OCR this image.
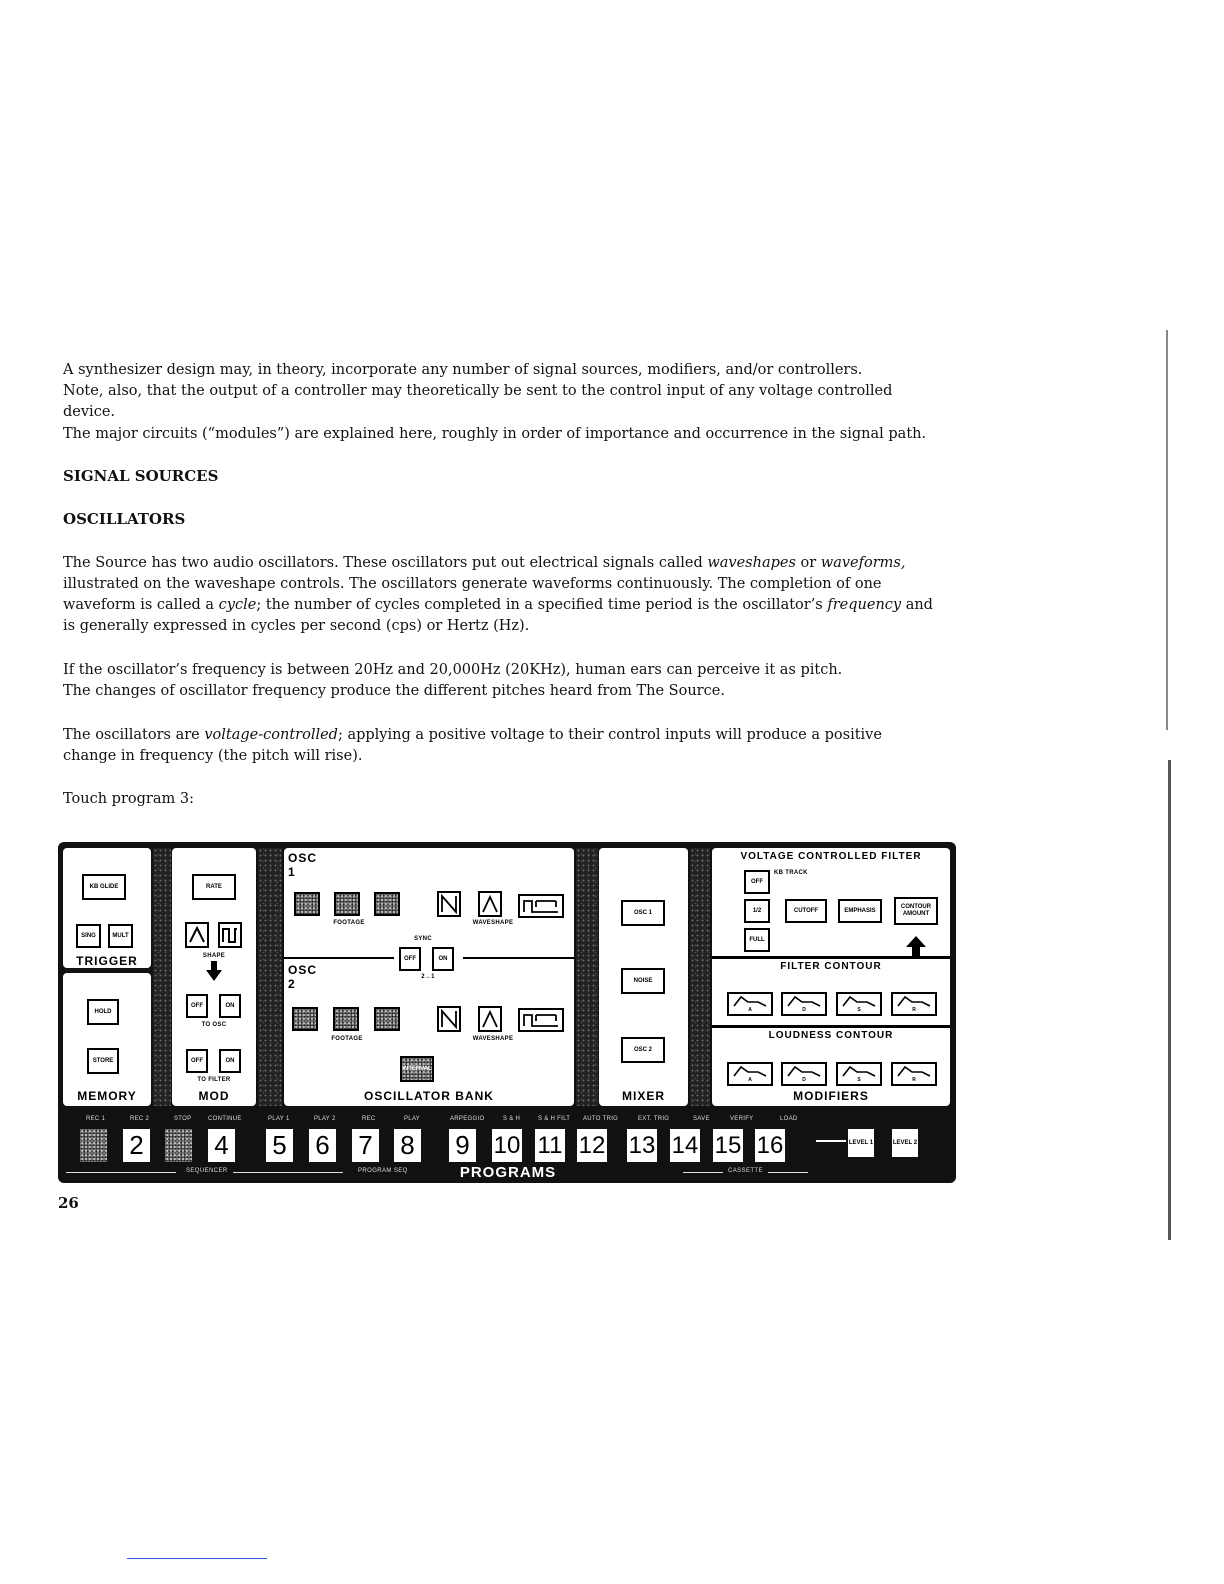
A synthesizer design may, in theory, incorporate any number of signal sources, modifiers, and/or controllers.

Note, also, that the output of a controller may theoretically be sent to the control input of any voltage controlled device.

The major circuits (“modules”) are explained here, roughly in order of importance and occurrence in the signal path.

SIGNAL SOURCES
OSCILLATORS

The Source has two audio oscillators. These oscillators put out electrical signals called waveshapes or waveforms, illustrated on the waveshape controls. The oscillators generate waveforms continuously. The completion of one waveform is called a cycle; the number of cycles completed in a specified time period is the oscillator’s frequency and is generally expressed in cycles per second (cps) or Hertz (Hz).

If the oscillator’s frequency is between 20Hz and 20,000Hz (20KHz), human ears can perceive it as pitch.

The changes of oscillator frequency produce the different pitches heard from The Source.

The oscillators are voltage-controlled; applying a positive voltage to their control inputs will produce a positive change in frequency (the pitch will rise).

Touch program 3:
KB GLIDE
SING	MULT
TRIGGER
HOLD
STORE
MEMORY
RATE
SHAPE
OFF	ON
TO OSC
OFF	ON
TO FILTER
MOD
OSC 1
FOOTAGE	WAVESHAPE
SYNC
OFF	ON
2→1
OSC 2
FOOTAGE	WAVESHAPE
INTERVAL
OSCILLATOR BANK
OSC 1
NOISE
OSC 2
MIXER
VOLTAGE CONTROLLED FILTER
OFF
KB TRACK
1/2
FULL
CUTOFF	EMPHASIS
CONTOUR AMOUNT
FILTER CONTOUR
LOUDNESS CONTOUR
A	D	S	R
A	D	S	R
MODIFIERS
REC 1	REC 2	STOP	CONTINUE	PLAY 1	PLAY 2	REC	PLAY	ARPEGGIO	S & H	S & H FILT AUTO TRIG	EXT. TRIG	SAVE	VERIFY	LOAD
2	4	5	6	7	8	9 10 11 12 13 14 15 16	LEVEL 1	LEVEL 2
SEQUENCER	PROGRAM SEQ	PROGRAMS	CASSETTE
26
